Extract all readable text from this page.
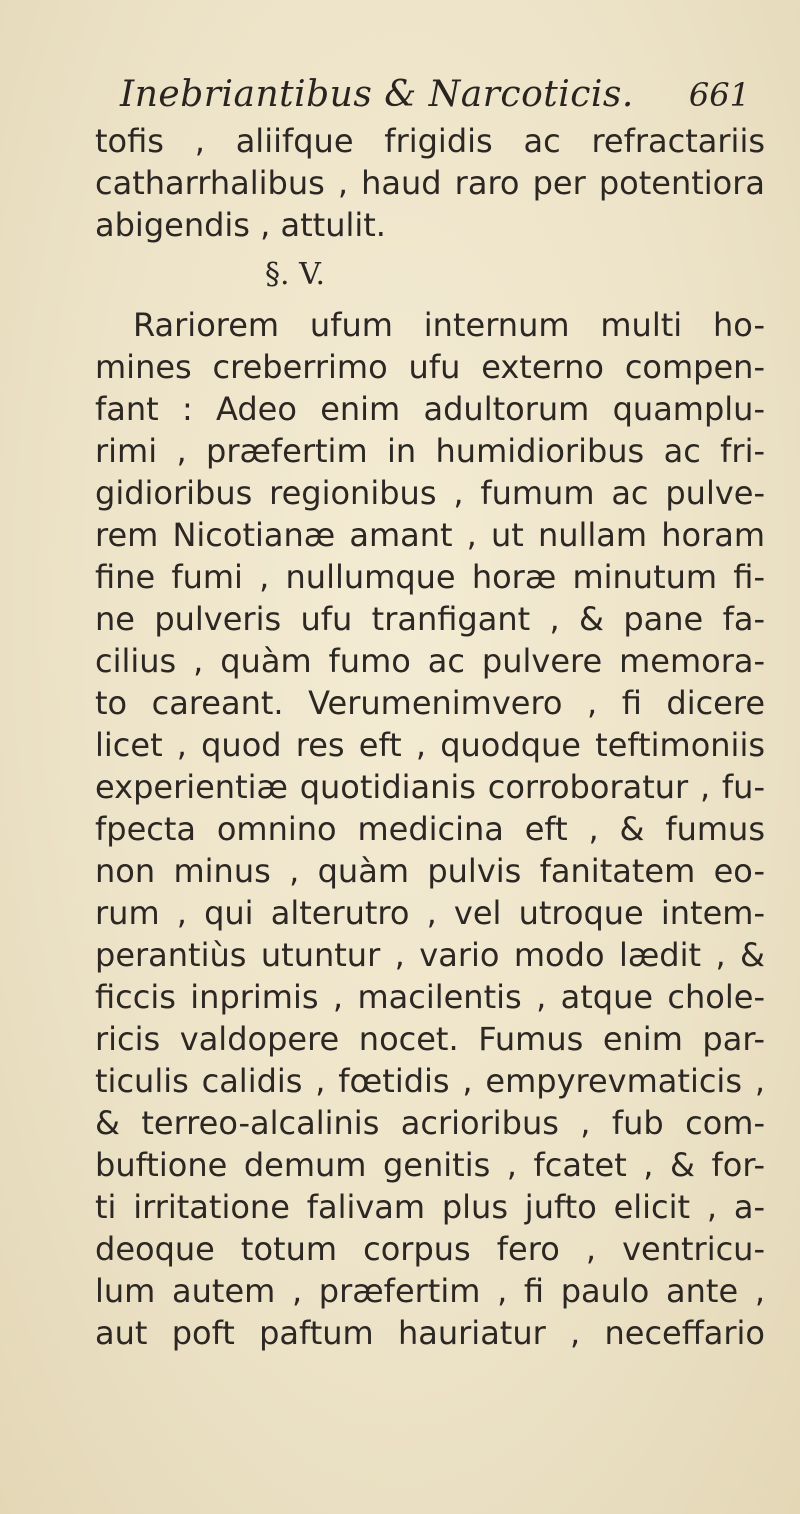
Inebriantibus & Narcoticis. 661
tofis , aliifque frigidis ac refractariis
catharrhalibus , haud raro per potentiora
abigendis , attulit.
§. V.
Rariorem ufum internum multi ho-
mines creberrimo ufu externo compen-
fant : Adeo enim adultorum quamplu-
rimi , præfertim in humidioribus ac fri-
gidioribus regionibus , fumum ac pulve-
rem Nicotianæ amant , ut nullam horam
fine fumi , nullumque horæ minutum fi-
ne pulveris ufu tranfigant , & pane fa-
cilius , quàm fumo ac pulvere memora-
to careant. Verumenimvero , fi dicere
licet , quod res eft , quodque teftimoniis
experientiæ quotidianis corroboratur , fu-
fpecta omnino medicina eft , & fumus
non minus , quàm pulvis fanitatem eo-
rum , qui alterutro , vel utroque intem-
perantiùs utuntur , vario modo lædit , &
ficcis inprimis , macilentis , atque chole-
ricis valdopere nocet. Fumus enim par-
ticulis calidis , fœtidis , empyrevmaticis ,
& terreo-alcalinis acrioribus , fub com-
buftione demum genitis , fcatet , & for-
ti irritatione falivam plus jufto elicit , a-
deoque totum corpus fero , ventricu-
lum autem , præfertim , fi paulo ante ,
aut poft paftum hauriatur , neceffario
